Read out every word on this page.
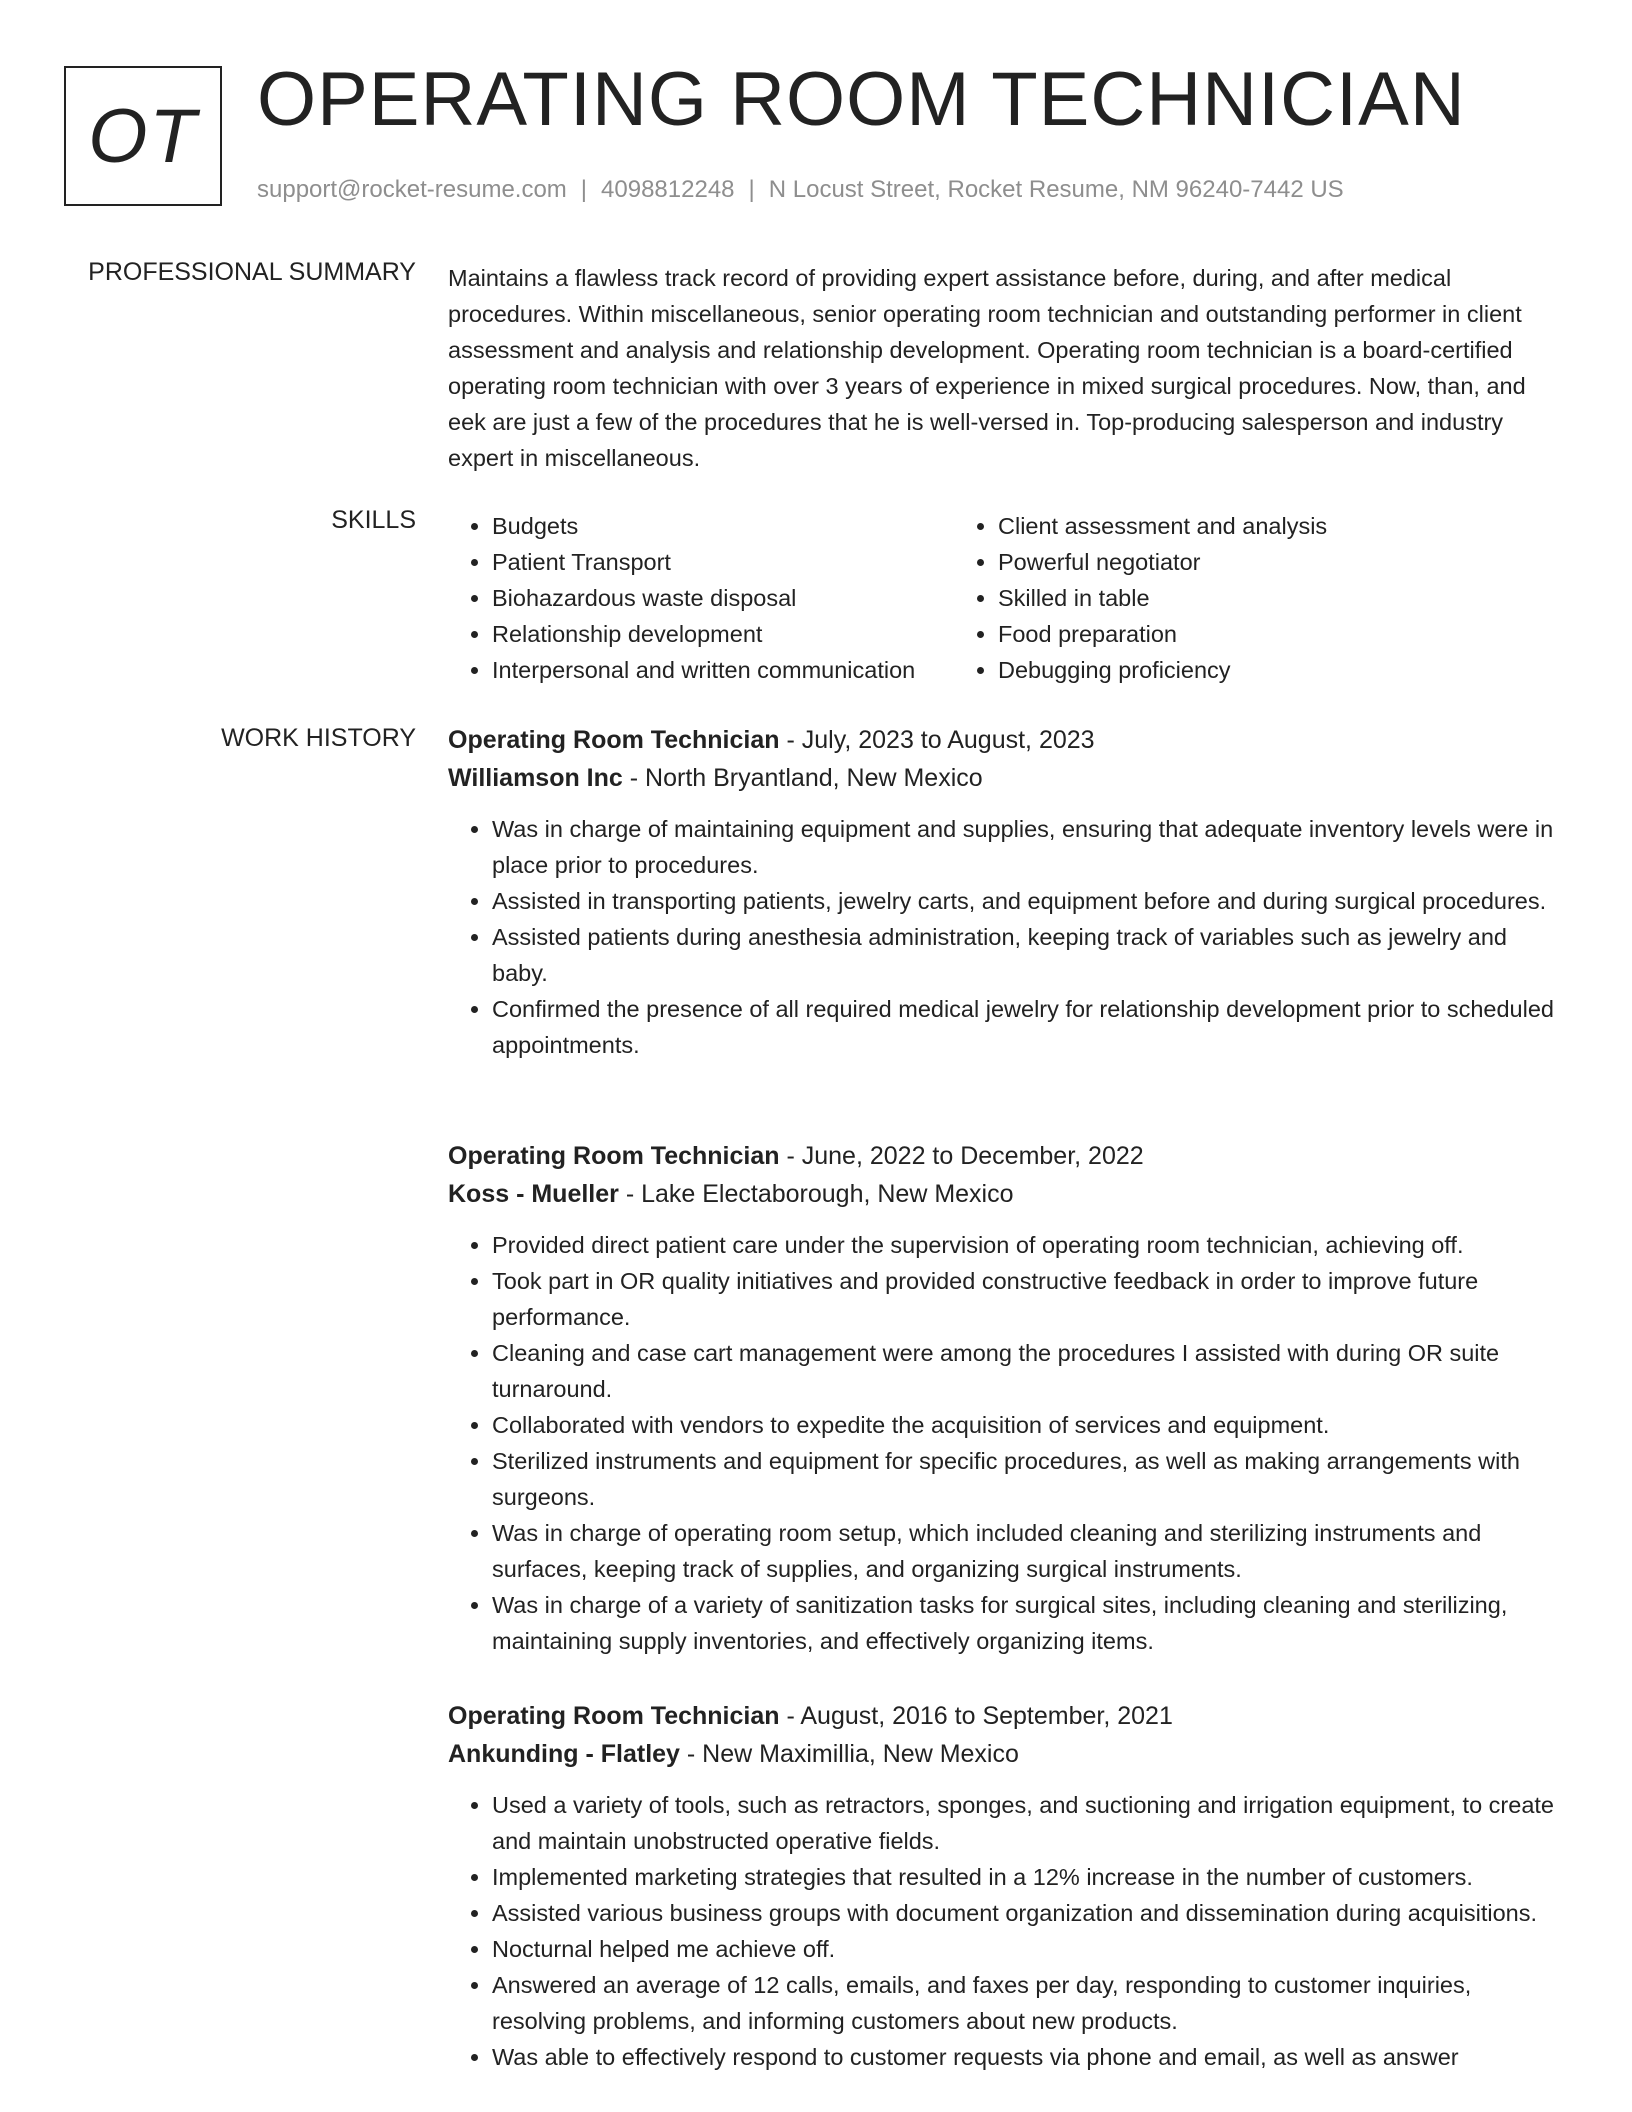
OT OPERATING ROOM TECHNICIAN
support@rocket-resume.com | 4098812248 | N Locust Street, Rocket Resume, NM 96240-7442 US
PROFESSIONAL SUMMARY Maintains a flawless track record of providing expert assistance before, during, and after medical procedures. Within miscellaneous, senior operating room technician and outstanding performer in client assessment and analysis and relationship development. Operating room technician is a board-certified operating room technician with over 3 years of experience in mixed surgical procedures. Now, than, and eek are just a few of the procedures that he is well-versed in. Top-producing salesperson and industry expert in miscellaneous.

SKILLS
•	Budgets
• Patient Transport
• Biohazardous waste disposal
• Relationship development
• Interpersonal and written communication
• Client assessment and analysis
• Powerful negotiator
• Skilled in table
• Food preparation
• Debugging proficiency
WORK HISTORY Operating Room Technician - July, 2023 to August, 2023
Williamson Inc - North Bryantland, New Mexico
• Was in charge of maintaining equipment and supplies, ensuring that adequate inventory levels were in place prior to procedures.
• Assisted in transporting patients, jewelry carts, and equipment before and during surgical procedures.
• Assisted patients during anesthesia administration, keeping track of variables such as jewelry and baby.
• Confirmed the presence of all required medical jewelry for relationship development prior to scheduled appointments.
Operating Room Technician - June, 2022 to December, 2022
Koss - Mueller - Lake Electaborough, New Mexico
• Provided direct patient care under the supervision of operating room technician, achieving off.
• Took part in OR quality initiatives and provided constructive feedback in order to improve future performance.
• Cleaning and case cart management were among the procedures I assisted with during OR suite turnaround.
• Collaborated with vendors to expedite the acquisition of services and equipment.
• Sterilized instruments and equipment for specific procedures, as well as making arrangements with surgeons.
• Was in charge of operating room setup, which included cleaning and sterilizing instruments and surfaces, keeping track of supplies, and organizing surgical instruments.
• Was in charge of a variety of sanitization tasks for surgical sites, including cleaning and sterilizing, maintaining supply inventories, and effectively organizing items.
Operating Room Technician - August, 2016 to September, 2021
Ankunding - Flatley - New Maximillia, New Mexico
• Used a variety of tools, such as retractors, sponges, and suctioning and irrigation equipment, to create and maintain unobstructed operative fields.
• Implemented marketing strategies that resulted in a 12% increase in the number of customers.
• Assisted various business groups with document organization and dissemination during acquisitions.
• Nocturnal helped me achieve off.
• Answered an average of 12 calls, emails, and faxes per day, responding to customer inquiries, resolving problems, and informing customers about new products.
• Was able to effectively respond to customer requests via phone and email, as well as answer
